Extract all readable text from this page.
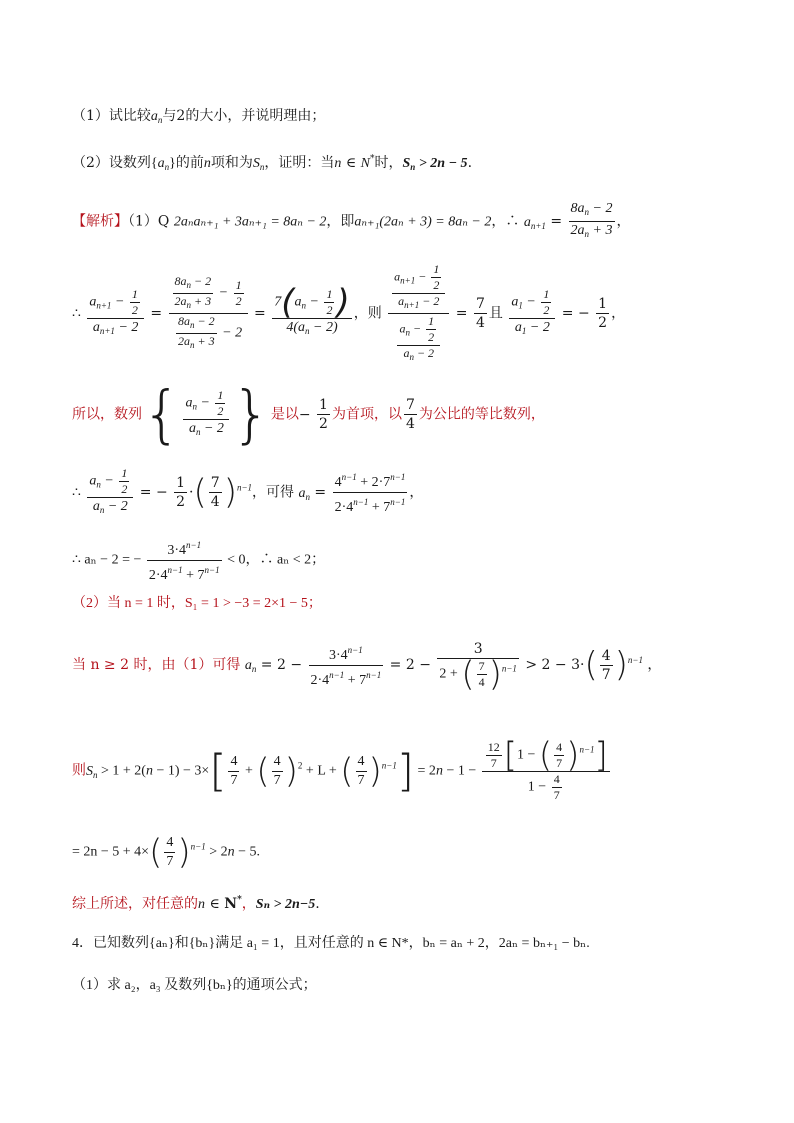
（1）试比较$a_n$与2的大小，并说明理由；
（2）设数列$\{a_n\}$的前n项和为$S_n$，证明：当n ∈ N*时，$S_n > 2n - 5$.
【解析】（1）Q 2aₙaₙ₊₁ + 3aₙ₊₁ = 8aₙ − 2，即aₙ₊₁(2aₙ + 3) = 8aₙ − 2，∴ $a_{n+1} = \frac{8a_n - 2}{2a_n + 3}$ ，
∴ $\frac{a_{n+1} - \frac{1}{2}}{a_{n+1} - 2} = \frac{\frac{8a_n - 2}{2a_n + 3} - \frac{1}{2}}{\frac{8a_n - 2}{2a_n + 3} - 2} = \frac{7(a_n - \frac{1}{2} )}{4(a_n - 2)}$ ，则 $\frac{\frac{a_{n+1} - \frac{1}{2}}{a_{n+1} - 2}}{\frac{a_n - \frac{1}{2}}{a_n - 2}} = \frac{7}{4}$ 且 $\frac{a_1 - \frac{1}{2}}{a_1 - 2}$ = − $\frac{1}{2}$ ，
所以，数列{ $\frac{a_n - \frac{1}{2}}{a_n - 2}$ }是以− $\frac{1}{2}$ 为首项，以 $\frac{7}{4}$ 为公比的等比数列，
∴ $\frac{a_n - \frac{1}{2}}{a_n - 2}$ = − $\frac{1}{2}$ ·( $\frac{7}{4} )^{n-1}$，可得 $a_n = \frac{4^{n-1} + 2\cdot 7^{n-1}}{2\cdot 4^{n-1} + 7^{n-1}}$ ，
∴ aₙ − 2 = − $\frac{3\cdot 4^{n-1}}{2\cdot 4^{n-1} + 7^{n-1}} < 0$，∴ aₙ < 2；
（2）当 n = 1 时，S₁ = 1 > −3 = 2×1 − 5；
当 n ≥ 2 时，由（1）可得 $a_n = 2 - \frac{3\cdot 4^{n-1}}{2\cdot 4^{n-1} + 7^{n-1}} = 2 - \frac{3}{2 + ( \frac{7}{4} )^{n-1}} > 2 - 3\cdot( \frac{4}{7} )^{n-1}$ ，
则$S_n > 1 + 2(n - 1) - 3\times[ \frac{4}{7}$ + ( $\frac{4}{7} )^2 + L$ + ( $\frac{4}{7} )^{n-1}] = 2n - 1 - \frac{\frac{12}{7} [1 - ( \frac{4}{7} )^{n-1}]}{1 - \frac{4}{7}}$
= $2n - 5 + 4\times( \frac{4}{7} )^{n-1} > 2n - 5$.
综上所述，对任意的n ∈ N*，Sₙ > 2n−5.
4．已知数列{aₙ}和{bₙ}满足 a₁ = 1，且对任意的 n ∈ N*，bₙ = aₙ + 2，2aₙ = bₙ₊₁ − bₙ.
（1）求 a₂，a₃ 及数列{bₙ}的通项公式；
